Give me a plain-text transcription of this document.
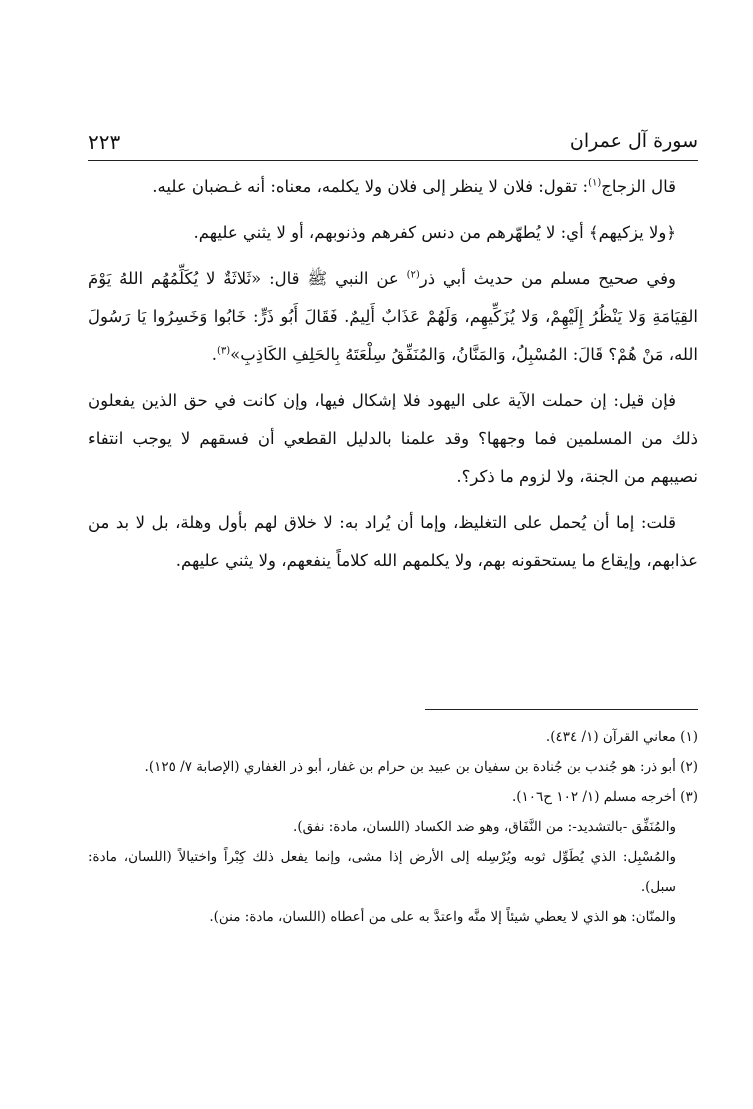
سورة آل عمران
٢٢٣

قال الزجاج$^{(١)}$: تقول: فلان لا ينظر إلى فلان ولا يكلمه، معناه: أنه غـضبان عليه.

﴿ولا يزكيهم﴾ أي: لا يُطهّرهم من دنس كفرهم وذنوبهم، أو لا يثني عليهم.

وفي صحيح مسلم من حديث أبي ذر$^{(٢)}$ عن النبي ﷺ قال: «ثَلاثَةٌ لا يُكَلِّمُهُم اللهُ يَوْمَ القِيَامَةِ وَلا يَنْظُرُ إِلَيْهِمْ، وَلا يُزَكِّيهِم، وَلَهُمْ عَذَابٌ أَلِيمٌ. فَقَالَ أَبُو ذَرٍّ: خَابُوا وَخَسِرُوا يَا رَسُولَ الله، مَنْ هُمْ؟ قَالَ: المُسْبِلُ، وَالمَنَّانُ، وَالمُنَفِّقُ سِلْعَتَهُ بِالحَلِفِ الكَاذِبِ»$^{(٣)}$.

فإن قيل: إن حملت الآية على اليهود فلا إشكال فيها، وإن كانت في حق الذين يفعلون ذلك من المسلمين فما وجهها؟ وقد علمنا بالدليل القطعي أن فسقهم لا يوجب انتفاء نصيبهم من الجنة، ولا لزوم ما ذكر؟.

قلت: إما أن يُحمل على التغليظ، وإما أن يُراد به: لا خلاق لهم بأول وهلة، بل لا بد من عذابهم، وإيقاع ما يستحقونه بهم، ولا يكلمهم الله كلاماً ينفعهم، ولا يثني عليهم.

(١) معاني القرآن (١/ ٤٣٤).

(٢) أبو ذر: هو جُندب بن جُنادة بن سفيان بن عبيد بن حرام بن غفار، أبو ذر الغفاري (الإصابة ٧/ ١٢٥).

(٣) أخرجه مسلم (١/ ١٠٢ ح١٠٦).

والمُنَفِّق -بالتشديد-: من النَّفَاق، وهو ضد الكساد (اللسان، مادة: نفق).

والمُسْبِل: الذي يُطَوِّل ثوبه ويُرْسِله إلى الأرض إذا مشى، وإنما يفعل ذلك كِبْراً واختيالاً (اللسان، مادة: سبل).

والمنّان: هو الذي لا يعطي شيئاً إلا منَّه واعتدَّ به على من أعطاه (اللسان، مادة: منن).
